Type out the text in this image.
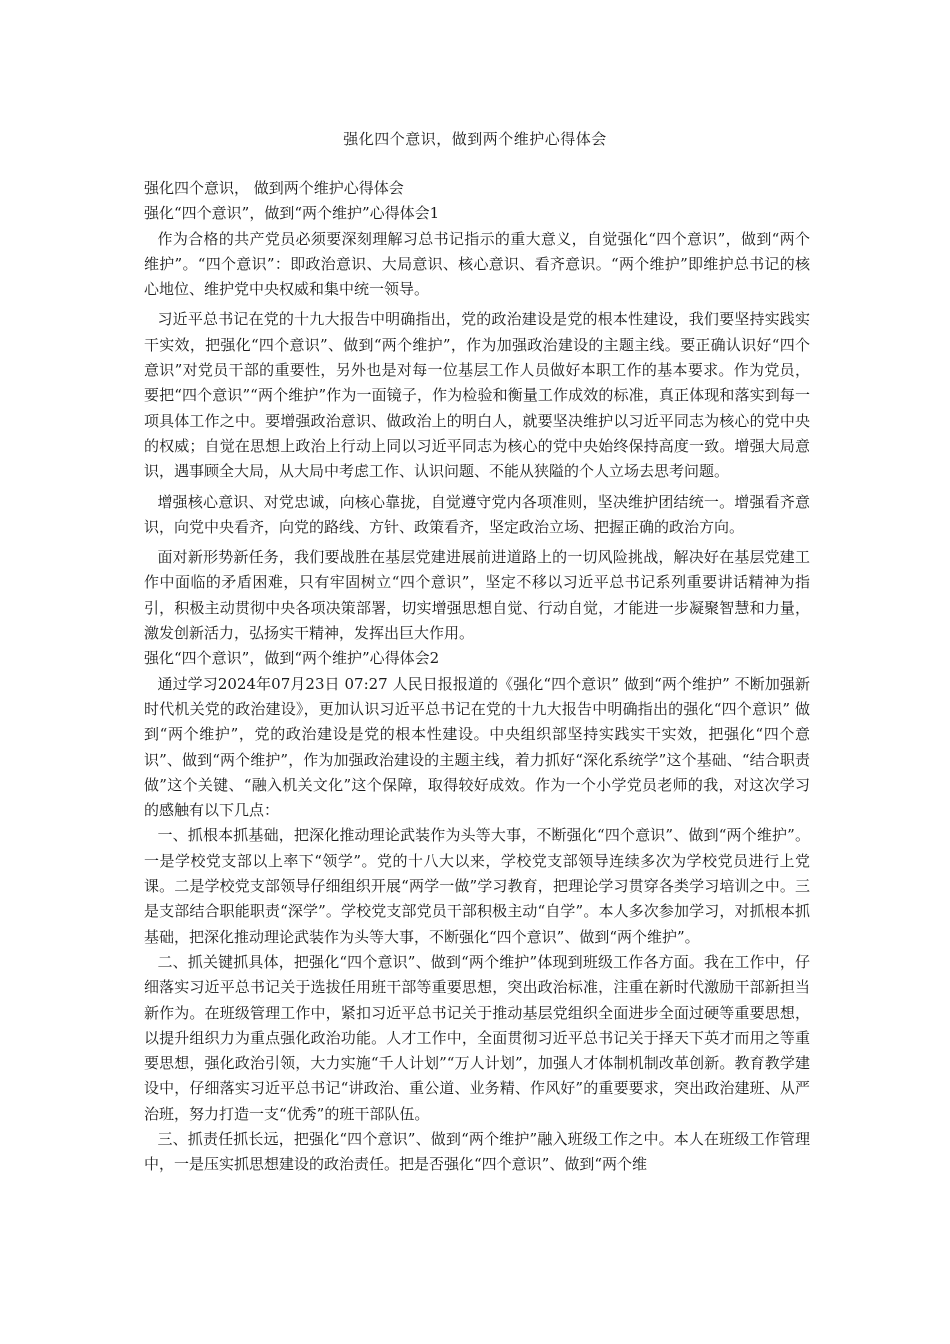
强化四个意识，做到两个维护心得体会

强化四个意识， 做到两个维护心得体会

强化“四个意识”，做到“两个维护”心得体会1

作为合格的共产党员必须要深刻理解习总书记指示的重大意义，自觉强化“四个意识”，做到“两个维护”。“四个意识”：即政治意识、大局意识、核心意识、看齐意识。“两个维护”即维护总书记的核心地位、维护党中央权威和集中统一领导。

习近平总书记在党的十九大报告中明确指出，党的政治建设是党的根本性建设，我们要坚持实践实干实效，把强化“四个意识”、做到“两个维护”，作为加强政治建设的主题主线。要正确认识好“四个意识”对党员干部的重要性，另外也是对每一位基层工作人员做好本职工作的基本要求。作为党员，要把“四个意识”“两个维护”作为一面镜子，作为检验和衡量工作成效的标准，真正体现和落实到每一项具体工作之中。要增强政治意识、做政治上的明白人，就要坚决维护以习近平同志为核心的党中央的权威；自觉在思想上政治上行动上同以习近平同志为核心的党中央始终保持高度一致。增强大局意识，遇事顾全大局，从大局中考虑工作、认识问题、不能从狭隘的个人立场去思考问题。

增强核心意识、对党忠诚，向核心靠拢，自觉遵守党内各项准则，坚决维护团结统一。增强看齐意识，向党中央看齐，向党的路线、方针、政策看齐，坚定政治立场、把握正确的政治方向。

面对新形势新任务，我们要战胜在基层党建进展前进道路上的一切风险挑战，解决好在基层党建工作中面临的矛盾困难，只有牢固树立“四个意识”，坚定不移以习近平总书记系列重要讲话精神为指引，积极主动贯彻中央各项决策部署，切实增强思想自觉、行动自觉，才能进一步凝聚智慧和力量，激发创新活力，弘扬实干精神，发挥出巨大作用。

强化“四个意识”，做到“两个维护”心得体会2

通过学习2024年07月23日 07:27 人民日报报道的《强化“四个意识” 做到“两个维护” 不断加强新时代机关党的政治建设》，更加认识习近平总书记在党的十九大报告中明确指出的强化“四个意识” 做到“两个维护”，党的政治建设是党的根本性建设。中央组织部坚持实践实干实效，把强化“四个意识”、做到“两个维护”，作为加强政治建设的主题主线，着力抓好“深化系统学”这个基础、“结合职责做”这个关键、“融入机关文化”这个保障，取得较好成效。作为一个小学党员老师的我，对这次学习的感触有以下几点：

一、抓根本抓基础，把深化推动理论武装作为头等大事，不断强化“四个意识”、做到“两个维护”。一是学校党支部以上率下“领学”。党的十八大以来，学校党支部领导连续多次为学校党员进行上党课。二是学校党支部领导仔细组织开展“两学一做”学习教育，把理论学习贯穿各类学习培训之中。三是支部结合职能职责“深学”。学校党支部党员干部积极主动“自学”。本人多次参加学习，对抓根本抓基础，把深化推动理论武装作为头等大事，不断强化“四个意识”、做到“两个维护”。

二、抓关键抓具体，把强化“四个意识”、做到“两个维护”体现到班级工作各方面。我在工作中，仔细落实习近平总书记关于选拔任用班干部等重要思想，突出政治标准，注重在新时代激励干部新担当新作为。在班级管理工作中，紧扣习近平总书记关于推动基层党组织全面进步全面过硬等重要思想，以提升组织力为重点强化政治功能。人才工作中，全面贯彻习近平总书记关于择天下英才而用之等重要思想，强化政治引领，大力实施“千人计划”“万人计划”，加强人才体制机制改革创新。教育教学建设中，仔细落实习近平总书记“讲政治、重公道、业务精、作风好”的重要要求，突出政治建班、从严治班，努力打造一支“优秀”的班干部队伍。

三、抓责任抓长远，把强化“四个意识”、做到“两个维护”融入班级工作之中。本人在班级工作管理中，一是压实抓思想建设的政治责任。把是否强化“四个意识”、做到“两个维
